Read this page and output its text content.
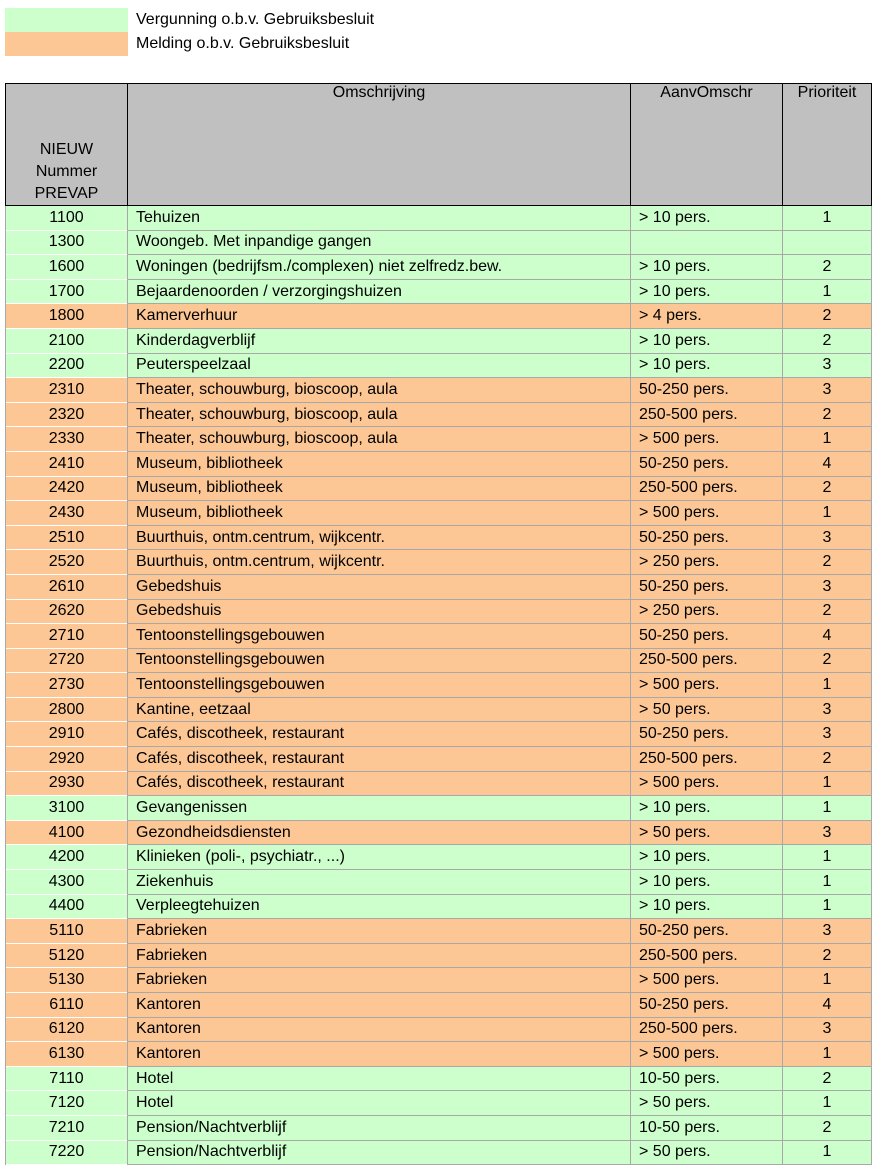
Vergunning o.b.v. Gebruiksbesluit
Melding o.b.v. Gebruiksbesluit
NIEUW
Nummer
PREVAP	Omschrijving	AanvOmschr	Prioriteit
1100	Tehuizen	> 10 pers.	1
1300	Woongeb. Met inpandige gangen		
1600	Woningen (bedrijfsm./complexen) niet zelfredz.bew.	> 10 pers.	2
1700	Bejaardenoorden / verzorgingshuizen	> 10 pers.	1
1800	Kamerverhuur	> 4 pers.	2
2100	Kinderdagverblijf	> 10 pers.	2
2200	Peuterspeelzaal	> 10 pers.	3
2310	Theater, schouwburg, bioscoop, aula	50-250 pers.	3
2320	Theater, schouwburg, bioscoop, aula	250-500 pers.	2
2330	Theater, schouwburg, bioscoop, aula	> 500 pers.	1
2410	Museum, bibliotheek	50-250 pers.	4
2420	Museum, bibliotheek	250-500 pers.	2
2430	Museum, bibliotheek	> 500 pers.	1
2510	Buurthuis, ontm.centrum, wijkcentr.	50-250 pers.	3
2520	Buurthuis, ontm.centrum, wijkcentr.	> 250 pers.	2
2610	Gebedshuis	50-250 pers.	3
2620	Gebedshuis	> 250 pers.	2
2710	Tentoonstellingsgebouwen	50-250 pers.	4
2720	Tentoonstellingsgebouwen	250-500 pers.	2
2730	Tentoonstellingsgebouwen	> 500 pers.	1
2800	Kantine, eetzaal	> 50 pers.	3
2910	Cafés, discotheek, restaurant	50-250 pers.	3
2920	Cafés, discotheek, restaurant	250-500 pers.	2
2930	Cafés, discotheek, restaurant	> 500 pers.	1
3100	Gevangenissen	> 10 pers.	1
4100	Gezondheidsdiensten	> 50 pers.	3
4200	Klinieken (poli-, psychiatr., ...)	> 10 pers.	1
4300	Ziekenhuis	> 10 pers.	1
4400	Verpleegtehuizen	> 10 pers.	1
5110	Fabrieken	50-250 pers.	3
5120	Fabrieken	250-500 pers.	2
5130	Fabrieken	> 500 pers.	1
6110	Kantoren	50-250 pers.	4
6120	Kantoren	250-500 pers.	3
6130	Kantoren	> 500 pers.	1
7110	Hotel	10-50 pers.	2
7120	Hotel	> 50 pers.	1
7210	Pension/Nachtverblijf	10-50 pers.	2
7220	Pension/Nachtverblijf	> 50 pers.	1
